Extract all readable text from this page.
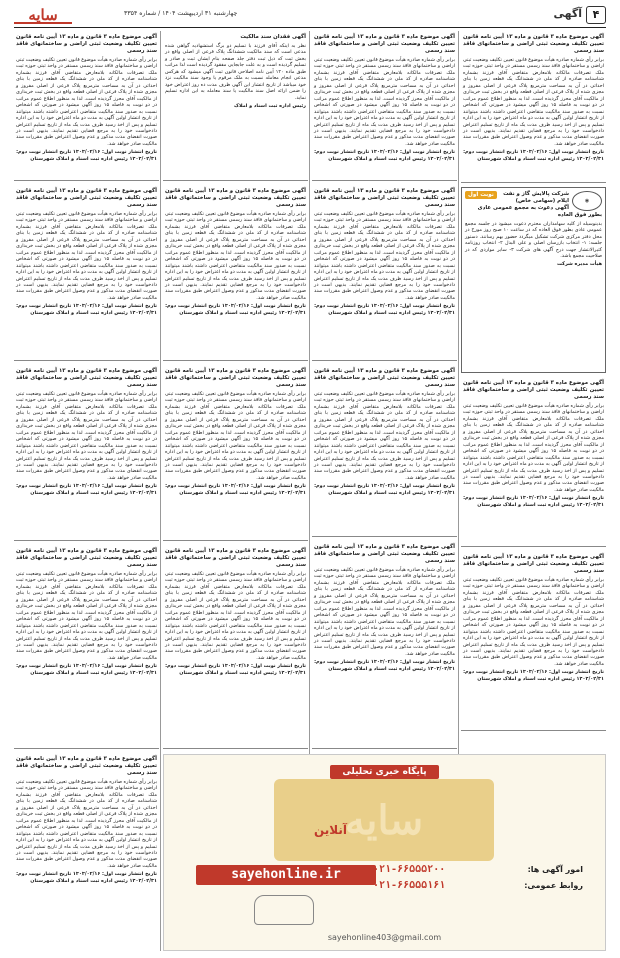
سایه	چهارشنبه ۳۱ اردیبهشت ۱۴۰۴ / شماره ۳۳۵۴	آگهی ۴
آگهی موضوع ماده ۳ قانون و ماده ۱۳ آیین نامه قانون تعیین تکلیف وضعیت ثبتی اراضی و ساختمانهای فاقد سند رسمی
برابر رأی شماره صادره هیأت موضوع قانون تعیین تکلیف وضعیت ثبتی اراضی و ساختمانهای فاقد سند رسمی مستقر در واحد ثبتی حوزه ثبت ملک تصرفات مالکانه بلامعارض متقاضی آقای فرزند بشماره شناسنامه صادره از کد ملی در ششدانگ یک قطعه زمین با بنای احداثی در آن به مساحت مترمربع پلاک فرعی از اصلی مفروز و مجزی شده از پلاک فرعی از اصلی قطعه واقع در بخش ثبت خریداری از مالکیت آقای محرز گردیده است. لذا به منظور اطلاع عموم مراتب در دو نوبت به فاصله ۱۵ روز آگهی میشود در صورتی که اشخاص نسبت به صدور سند مالکیت متقاضی اعتراضی داشته باشند میتوانند از تاریخ انتشار اولین آگهی به مدت دو ماه اعتراض خود را به این اداره تسلیم و پس از اخذ رسید ظرف مدت یک ماه از تاریخ تسلیم اعتراض دادخواست خود را به مرجع قضایی تقدیم نمایند. بدیهی است در صورت انقضای مدت مذکور و عدم وصول اعتراض طبق مقررات سند مالکیت صادر خواهد شد.
تاریخ انتشار نوبت اول: ۱۴۰۴/۰۲/۱۶ تاریخ انتشار نوبت دوم: ۱۴۰۴/۰۲/۳۱ رئیس اداره ثبت اسناد و املاک شهرستان
نوبت اول
◉
شرکت پالایش گاز و نفت ایلام (سهامی خاص)
آگهی دعوت به مجمع عمومی عادی بطور فوق العاده
بدینوسیله از کلیه سهامداران محترم دعوت میشود در جلسه مجمع عمومی عادی بطور فوق العاده که در ساعت ۱۰ صبح روز مورخ در محل دفتر مرکزی شرکت تشکیل میگردد حضور بهم رسانند. دستور جلسه: ۱- انتخاب بازرسان اصلی و علی البدل ۲- انتخاب روزنامه کثیرالانتشار جهت درج آگهی های شرکت ۳- سایر مواردی که در صلاحیت مجمع باشد.
هیأت مدیره شرکت
آگهی موضوع ماده ۳ قانون و ماده ۱۳ آیین نامه قانون تعیین تکلیف وضعیت ثبتی اراضی و ساختمانهای فاقد سند رسمی
برابر رأی شماره صادره هیأت موضوع قانون تعیین تکلیف وضعیت ثبتی اراضی و ساختمانهای فاقد سند رسمی مستقر در واحد ثبتی حوزه ثبت ملک تصرفات مالکانه بلامعارض متقاضی آقای فرزند بشماره شناسنامه صادره از کد ملی در ششدانگ یک قطعه زمین با بنای احداثی در آن به مساحت مترمربع پلاک فرعی از اصلی مفروز و مجزی شده از پلاک فرعی از اصلی قطعه واقع در بخش ثبت خریداری از مالکیت آقای محرز گردیده است. لذا به منظور اطلاع عموم مراتب در دو نوبت به فاصله ۱۵ روز آگهی میشود در صورتی که اشخاص نسبت به صدور سند مالکیت متقاضی اعتراضی داشته باشند میتوانند از تاریخ انتشار اولین آگهی به مدت دو ماه اعتراض خود را به این اداره تسلیم و پس از اخذ رسید ظرف مدت یک ماه از تاریخ تسلیم اعتراض دادخواست خود را به مرجع قضایی تقدیم نمایند. بدیهی است در صورت انقضای مدت مذکور و عدم وصول اعتراض طبق مقررات سند مالکیت صادر خواهد شد.
تاریخ انتشار نوبت اول: ۱۴۰۴/۰۲/۱۶ تاریخ انتشار نوبت دوم: ۱۴۰۴/۰۲/۳۱ رئیس اداره ثبت اسناد و املاک شهرستان
آگهی موضوع ماده ۳ قانون و ماده ۱۳ آیین نامه قانون تعیین تکلیف وضعیت ثبتی اراضی و ساختمانهای فاقد سند رسمی
برابر رأی شماره صادره هیأت موضوع قانون تعیین تکلیف وضعیت ثبتی اراضی و ساختمانهای فاقد سند رسمی مستقر در واحد ثبتی حوزه ثبت ملک تصرفات مالکانه بلامعارض متقاضی آقای فرزند بشماره شناسنامه صادره از کد ملی در ششدانگ یک قطعه زمین با بنای احداثی در آن به مساحت مترمربع پلاک فرعی از اصلی مفروز و مجزی شده از پلاک فرعی از اصلی قطعه واقع در بخش ثبت خریداری از مالکیت آقای محرز گردیده است. لذا به منظور اطلاع عموم مراتب در دو نوبت به فاصله ۱۵ روز آگهی میشود در صورتی که اشخاص نسبت به صدور سند مالکیت متقاضی اعتراضی داشته باشند میتوانند از تاریخ انتشار اولین آگهی به مدت دو ماه اعتراض خود را به این اداره تسلیم و پس از اخذ رسید ظرف مدت یک ماه از تاریخ تسلیم اعتراض دادخواست خود را به مرجع قضایی تقدیم نمایند. بدیهی است در صورت انقضای مدت مذکور و عدم وصول اعتراض طبق مقررات سند مالکیت صادر خواهد شد.
تاریخ انتشار نوبت اول: ۱۴۰۴/۰۲/۱۶ تاریخ انتشار نوبت دوم: ۱۴۰۴/۰۲/۳۱ رئیس اداره ثبت اسناد و املاک شهرستان
آگهی موضوع ماده ۳ قانون و ماده ۱۳ آیین نامه قانون تعیین تکلیف وضعیت ثبتی اراضی و ساختمانهای فاقد سند رسمی
برابر رأی شماره صادره هیأت موضوع قانون تعیین تکلیف وضعیت ثبتی اراضی و ساختمانهای فاقد سند رسمی مستقر در واحد ثبتی حوزه ثبت ملک تصرفات مالکانه بلامعارض متقاضی آقای فرزند بشماره شناسنامه صادره از کد ملی در ششدانگ یک قطعه زمین با بنای احداثی در آن به مساحت مترمربع پلاک فرعی از اصلی مفروز و مجزی شده از پلاک فرعی از اصلی قطعه واقع در بخش ثبت خریداری از مالکیت آقای محرز گردیده است. لذا به منظور اطلاع عموم مراتب در دو نوبت به فاصله ۱۵ روز آگهی میشود در صورتی که اشخاص نسبت به صدور سند مالکیت متقاضی اعتراضی داشته باشند میتوانند از تاریخ انتشار اولین آگهی به مدت دو ماه اعتراض خود را به این اداره تسلیم و پس از اخذ رسید ظرف مدت یک ماه از تاریخ تسلیم اعتراض دادخواست خود را به مرجع قضایی تقدیم نمایند. بدیهی است در صورت انقضای مدت مذکور و عدم وصول اعتراض طبق مقررات سند مالکیت صادر خواهد شد.
تاریخ انتشار نوبت اول: ۱۴۰۴/۰۲/۱۶ تاریخ انتشار نوبت دوم: ۱۴۰۴/۰۲/۳۱ رئیس اداره ثبت اسناد و املاک شهرستان
آگهی موضوع ماده ۳ قانون و ماده ۱۳ آیین نامه قانون تعیین تکلیف وضعیت ثبتی اراضی و ساختمانهای فاقد سند رسمی
برابر رأی شماره صادره هیأت موضوع قانون تعیین تکلیف وضعیت ثبتی اراضی و ساختمانهای فاقد سند رسمی مستقر در واحد ثبتی حوزه ثبت ملک تصرفات مالکانه بلامعارض متقاضی آقای فرزند بشماره شناسنامه صادره از کد ملی در ششدانگ یک قطعه زمین با بنای احداثی در آن به مساحت مترمربع پلاک فرعی از اصلی مفروز و مجزی شده از پلاک فرعی از اصلی قطعه واقع در بخش ثبت خریداری از مالکیت آقای محرز گردیده است. لذا به منظور اطلاع عموم مراتب در دو نوبت به فاصله ۱۵ روز آگهی میشود در صورتی که اشخاص نسبت به صدور سند مالکیت متقاضی اعتراضی داشته باشند میتوانند از تاریخ انتشار اولین آگهی به مدت دو ماه اعتراض خود را به این اداره تسلیم و پس از اخذ رسید ظرف مدت یک ماه از تاریخ تسلیم اعتراض دادخواست خود را به مرجع قضایی تقدیم نمایند. بدیهی است در صورت انقضای مدت مذکور و عدم وصول اعتراض طبق مقررات سند مالکیت صادر خواهد شد.
تاریخ انتشار نوبت اول: ۱۴۰۴/۰۲/۱۶ تاریخ انتشار نوبت دوم: ۱۴۰۴/۰۲/۳۱ رئیس اداره ثبت اسناد و املاک شهرستان
آگهی موضوع ماده ۳ قانون و ماده ۱۳ آیین نامه قانون تعیین تکلیف وضعیت ثبتی اراضی و ساختمانهای فاقد سند رسمی
برابر رأی شماره صادره هیأت موضوع قانون تعیین تکلیف وضعیت ثبتی اراضی و ساختمانهای فاقد سند رسمی مستقر در واحد ثبتی حوزه ثبت ملک تصرفات مالکانه بلامعارض متقاضی آقای فرزند بشماره شناسنامه صادره از کد ملی در ششدانگ یک قطعه زمین با بنای احداثی در آن به مساحت مترمربع پلاک فرعی از اصلی مفروز و مجزی شده از پلاک فرعی از اصلی قطعه واقع در بخش ثبت خریداری از مالکیت آقای محرز گردیده است. لذا به منظور اطلاع عموم مراتب در دو نوبت به فاصله ۱۵ روز آگهی میشود در صورتی که اشخاص نسبت به صدور سند مالکیت متقاضی اعتراضی داشته باشند میتوانند از تاریخ انتشار اولین آگهی به مدت دو ماه اعتراض خود را به این اداره تسلیم و پس از اخذ رسید ظرف مدت یک ماه از تاریخ تسلیم اعتراض دادخواست خود را به مرجع قضایی تقدیم نمایند. بدیهی است در صورت انقضای مدت مذکور و عدم وصول اعتراض طبق مقررات سند مالکیت صادر خواهد شد.
تاریخ انتشار نوبت اول: ۱۴۰۴/۰۲/۱۶ تاریخ انتشار نوبت دوم: ۱۴۰۴/۰۲/۳۱ رئیس اداره ثبت اسناد و املاک شهرستان
آگهی موضوع ماده ۳ قانون و ماده ۱۳ آیین نامه قانون تعیین تکلیف وضعیت ثبتی اراضی و ساختمانهای فاقد سند رسمی
برابر رأی شماره صادره هیأت موضوع قانون تعیین تکلیف وضعیت ثبتی اراضی و ساختمانهای فاقد سند رسمی مستقر در واحد ثبتی حوزه ثبت ملک تصرفات مالکانه بلامعارض متقاضی آقای فرزند بشماره شناسنامه صادره از کد ملی در ششدانگ یک قطعه زمین با بنای احداثی در آن به مساحت مترمربع پلاک فرعی از اصلی مفروز و مجزی شده از پلاک فرعی از اصلی قطعه واقع در بخش ثبت خریداری از مالکیت آقای محرز گردیده است. لذا به منظور اطلاع عموم مراتب در دو نوبت به فاصله ۱۵ روز آگهی میشود در صورتی که اشخاص نسبت به صدور سند مالکیت متقاضی اعتراضی داشته باشند میتوانند از تاریخ انتشار اولین آگهی به مدت دو ماه اعتراض خود را به این اداره تسلیم و پس از اخذ رسید ظرف مدت یک ماه از تاریخ تسلیم اعتراض دادخواست خود را به مرجع قضایی تقدیم نمایند. بدیهی است در صورت انقضای مدت مذکور و عدم وصول اعتراض طبق مقررات سند مالکیت صادر خواهد شد.
تاریخ انتشار نوبت اول: ۱۴۰۴/۰۲/۱۶ تاریخ انتشار نوبت دوم: ۱۴۰۴/۰۲/۳۱ رئیس اداره ثبت اسناد و املاک شهرستان
آگهی فقدان سند مالکیت
نظر به اینکه آقای فرزند با تسلیم دو برگ استشهادیه گواهی شده مدعی است که سند مالکیت ششدانگ پلاک فرعی از اصلی واقع در بخش ثبت که ذیل ثبت دفتر جلد صفحه بنام ایشان ثبت و صادر و تسلیم گردیده است و به علت جابجایی مفقود گردیده است لذا مراتب طبق ماده ۱۲۰ آیین نامه اصلاحی قانون ثبت آگهی میشود که هرکس مدعی انجام معامله نسبت به ملک مرقوم یا وجود سند مالکیت نزد خود میباشد از تاریخ انتشار این آگهی ظرف مدت ده روز اعتراض خود را ضمن ارائه اصل سند مالکیت یا سند معامله به این اداره تسلیم نماید.
رئیس اداره ثبت اسناد و املاک
آگهی موضوع ماده ۳ قانون و ماده ۱۳ آیین نامه قانون تعیین تکلیف وضعیت ثبتی اراضی و ساختمانهای فاقد سند رسمی
برابر رأی شماره صادره هیأت موضوع قانون تعیین تکلیف وضعیت ثبتی اراضی و ساختمانهای فاقد سند رسمی مستقر در واحد ثبتی حوزه ثبت ملک تصرفات مالکانه بلامعارض متقاضی آقای فرزند بشماره شناسنامه صادره از کد ملی در ششدانگ یک قطعه زمین با بنای احداثی در آن به مساحت مترمربع پلاک فرعی از اصلی مفروز و مجزی شده از پلاک فرعی از اصلی قطعه واقع در بخش ثبت خریداری از مالکیت آقای محرز گردیده است. لذا به منظور اطلاع عموم مراتب در دو نوبت به فاصله ۱۵ روز آگهی میشود در صورتی که اشخاص نسبت به صدور سند مالکیت متقاضی اعتراضی داشته باشند میتوانند از تاریخ انتشار اولین آگهی به مدت دو ماه اعتراض خود را به این اداره تسلیم و پس از اخذ رسید ظرف مدت یک ماه از تاریخ تسلیم اعتراض دادخواست خود را به مرجع قضایی تقدیم نمایند. بدیهی است در صورت انقضای مدت مذکور و عدم وصول اعتراض طبق مقررات سند مالکیت صادر خواهد شد.
تاریخ انتشار نوبت اول: ۱۴۰۴/۰۲/۱۶ تاریخ انتشار نوبت دوم: ۱۴۰۴/۰۲/۳۱ رئیس اداره ثبت اسناد و املاک شهرستان
آگهی موضوع ماده ۳ قانون و ماده ۱۳ آیین نامه قانون تعیین تکلیف وضعیت ثبتی اراضی و ساختمانهای فاقد سند رسمی
برابر رأی شماره صادره هیأت موضوع قانون تعیین تکلیف وضعیت ثبتی اراضی و ساختمانهای فاقد سند رسمی مستقر در واحد ثبتی حوزه ثبت ملک تصرفات مالکانه بلامعارض متقاضی آقای فرزند بشماره شناسنامه صادره از کد ملی در ششدانگ یک قطعه زمین با بنای احداثی در آن به مساحت مترمربع پلاک فرعی از اصلی مفروز و مجزی شده از پلاک فرعی از اصلی قطعه واقع در بخش ثبت خریداری از مالکیت آقای محرز گردیده است. لذا به منظور اطلاع عموم مراتب در دو نوبت به فاصله ۱۵ روز آگهی میشود در صورتی که اشخاص نسبت به صدور سند مالکیت متقاضی اعتراضی داشته باشند میتوانند از تاریخ انتشار اولین آگهی به مدت دو ماه اعتراض خود را به این اداره تسلیم و پس از اخذ رسید ظرف مدت یک ماه از تاریخ تسلیم اعتراض دادخواست خود را به مرجع قضایی تقدیم نمایند. بدیهی است در صورت انقضای مدت مذکور و عدم وصول اعتراض طبق مقررات سند مالکیت صادر خواهد شد.
تاریخ انتشار نوبت اول: ۱۴۰۴/۰۲/۱۶ تاریخ انتشار نوبت دوم: ۱۴۰۴/۰۲/۳۱ رئیس اداره ثبت اسناد و املاک شهرستان
آگهی موضوع ماده ۳ قانون و ماده ۱۳ آیین نامه قانون تعیین تکلیف وضعیت ثبتی اراضی و ساختمانهای فاقد سند رسمی
برابر رأی شماره صادره هیأت موضوع قانون تعیین تکلیف وضعیت ثبتی اراضی و ساختمانهای فاقد سند رسمی مستقر در واحد ثبتی حوزه ثبت ملک تصرفات مالکانه بلامعارض متقاضی آقای فرزند بشماره شناسنامه صادره از کد ملی در ششدانگ یک قطعه زمین با بنای احداثی در آن به مساحت مترمربع پلاک فرعی از اصلی مفروز و مجزی شده از پلاک فرعی از اصلی قطعه واقع در بخش ثبت خریداری از مالکیت آقای محرز گردیده است. لذا به منظور اطلاع عموم مراتب در دو نوبت به فاصله ۱۵ روز آگهی میشود در صورتی که اشخاص نسبت به صدور سند مالکیت متقاضی اعتراضی داشته باشند میتوانند از تاریخ انتشار اولین آگهی به مدت دو ماه اعتراض خود را به این اداره تسلیم و پس از اخذ رسید ظرف مدت یک ماه از تاریخ تسلیم اعتراض دادخواست خود را به مرجع قضایی تقدیم نمایند. بدیهی است در صورت انقضای مدت مذکور و عدم وصول اعتراض طبق مقررات سند مالکیت صادر خواهد شد.
تاریخ انتشار نوبت اول: ۱۴۰۴/۰۲/۱۶ تاریخ انتشار نوبت دوم: ۱۴۰۴/۰۲/۳۱ رئیس اداره ثبت اسناد و املاک شهرستان
آگهی موضوع ماده ۳ قانون و ماده ۱۳ آیین نامه قانون تعیین تکلیف وضعیت ثبتی اراضی و ساختمانهای فاقد سند رسمی
برابر رأی شماره صادره هیأت موضوع قانون تعیین تکلیف وضعیت ثبتی اراضی و ساختمانهای فاقد سند رسمی مستقر در واحد ثبتی حوزه ثبت ملک تصرفات مالکانه بلامعارض متقاضی آقای فرزند بشماره شناسنامه صادره از کد ملی در ششدانگ یک قطعه زمین با بنای احداثی در آن به مساحت مترمربع پلاک فرعی از اصلی مفروز و مجزی شده از پلاک فرعی از اصلی قطعه واقع در بخش ثبت خریداری از مالکیت آقای محرز گردیده است. لذا به منظور اطلاع عموم مراتب در دو نوبت به فاصله ۱۵ روز آگهی میشود در صورتی که اشخاص نسبت به صدور سند مالکیت متقاضی اعتراضی داشته باشند میتوانند از تاریخ انتشار اولین آگهی به مدت دو ماه اعتراض خود را به این اداره تسلیم و پس از اخذ رسید ظرف مدت یک ماه از تاریخ تسلیم اعتراض دادخواست خود را به مرجع قضایی تقدیم نمایند. بدیهی است در صورت انقضای مدت مذکور و عدم وصول اعتراض طبق مقررات سند مالکیت صادر خواهد شد.
تاریخ انتشار نوبت اول: ۱۴۰۴/۰۲/۱۶ تاریخ انتشار نوبت دوم: ۱۴۰۴/۰۲/۳۱ رئیس اداره ثبت اسناد و املاک شهرستان
آگهی موضوع ماده ۳ قانون و ماده ۱۳ آیین نامه قانون تعیین تکلیف وضعیت ثبتی اراضی و ساختمانهای فاقد سند رسمی
برابر رأی شماره صادره هیأت موضوع قانون تعیین تکلیف وضعیت ثبتی اراضی و ساختمانهای فاقد سند رسمی مستقر در واحد ثبتی حوزه ثبت ملک تصرفات مالکانه بلامعارض متقاضی آقای فرزند بشماره شناسنامه صادره از کد ملی در ششدانگ یک قطعه زمین با بنای احداثی در آن به مساحت مترمربع پلاک فرعی از اصلی مفروز و مجزی شده از پلاک فرعی از اصلی قطعه واقع در بخش ثبت خریداری از مالکیت آقای محرز گردیده است. لذا به منظور اطلاع عموم مراتب در دو نوبت به فاصله ۱۵ روز آگهی میشود در صورتی که اشخاص نسبت به صدور سند مالکیت متقاضی اعتراضی داشته باشند میتوانند از تاریخ انتشار اولین آگهی به مدت دو ماه اعتراض خود را به این اداره تسلیم و پس از اخذ رسید ظرف مدت یک ماه از تاریخ تسلیم اعتراض دادخواست خود را به مرجع قضایی تقدیم نمایند. بدیهی است در صورت انقضای مدت مذکور و عدم وصول اعتراض طبق مقررات سند مالکیت صادر خواهد شد.
تاریخ انتشار نوبت اول: ۱۴۰۴/۰۲/۱۶ تاریخ انتشار نوبت دوم: ۱۴۰۴/۰۲/۳۱ رئیس اداره ثبت اسناد و املاک شهرستان
آگهی موضوع ماده ۳ قانون و ماده ۱۳ آیین نامه قانون تعیین تکلیف وضعیت ثبتی اراضی و ساختمانهای فاقد سند رسمی
برابر رأی شماره صادره هیأت موضوع قانون تعیین تکلیف وضعیت ثبتی اراضی و ساختمانهای فاقد سند رسمی مستقر در واحد ثبتی حوزه ثبت ملک تصرفات مالکانه بلامعارض متقاضی آقای فرزند بشماره شناسنامه صادره از کد ملی در ششدانگ یک قطعه زمین با بنای احداثی در آن به مساحت مترمربع پلاک فرعی از اصلی مفروز و مجزی شده از پلاک فرعی از اصلی قطعه واقع در بخش ثبت خریداری از مالکیت آقای محرز گردیده است. لذا به منظور اطلاع عموم مراتب در دو نوبت به فاصله ۱۵ روز آگهی میشود در صورتی که اشخاص نسبت به صدور سند مالکیت متقاضی اعتراضی داشته باشند میتوانند از تاریخ انتشار اولین آگهی به مدت دو ماه اعتراض خود را به این اداره تسلیم و پس از اخذ رسید ظرف مدت یک ماه از تاریخ تسلیم اعتراض دادخواست خود را به مرجع قضایی تقدیم نمایند. بدیهی است در صورت انقضای مدت مذکور و عدم وصول اعتراض طبق مقررات سند مالکیت صادر خواهد شد.
تاریخ انتشار نوبت اول: ۱۴۰۴/۰۲/۱۶ تاریخ انتشار نوبت دوم: ۱۴۰۴/۰۲/۳۱ رئیس اداره ثبت اسناد و املاک شهرستان
آگهی موضوع ماده ۳ قانون و ماده ۱۳ آیین نامه قانون تعیین تکلیف وضعیت ثبتی اراضی و ساختمانهای فاقد سند رسمی
برابر رأی شماره صادره هیأت موضوع قانون تعیین تکلیف وضعیت ثبتی اراضی و ساختمانهای فاقد سند رسمی مستقر در واحد ثبتی حوزه ثبت ملک تصرفات مالکانه بلامعارض متقاضی آقای فرزند بشماره شناسنامه صادره از کد ملی در ششدانگ یک قطعه زمین با بنای احداثی در آن به مساحت مترمربع پلاک فرعی از اصلی مفروز و مجزی شده از پلاک فرعی از اصلی قطعه واقع در بخش ثبت خریداری از مالکیت آقای محرز گردیده است. لذا به منظور اطلاع عموم مراتب در دو نوبت به فاصله ۱۵ روز آگهی میشود در صورتی که اشخاص نسبت به صدور سند مالکیت متقاضی اعتراضی داشته باشند میتوانند از تاریخ انتشار اولین آگهی به مدت دو ماه اعتراض خود را به این اداره تسلیم و پس از اخذ رسید ظرف مدت یک ماه از تاریخ تسلیم اعتراض دادخواست خود را به مرجع قضایی تقدیم نمایند. بدیهی است در صورت انقضای مدت مذکور و عدم وصول اعتراض طبق مقررات سند مالکیت صادر خواهد شد.
تاریخ انتشار نوبت اول: ۱۴۰۴/۰۲/۱۶ تاریخ انتشار نوبت دوم: ۱۴۰۴/۰۲/۳۱ رئیس اداره ثبت اسناد و املاک شهرستان
آگهی موضوع ماده ۳ قانون و ماده ۱۳ آیین نامه قانون تعیین تکلیف وضعیت ثبتی اراضی و ساختمانهای فاقد سند رسمی
برابر رأی شماره صادره هیأت موضوع قانون تعیین تکلیف وضعیت ثبتی اراضی و ساختمانهای فاقد سند رسمی مستقر در واحد ثبتی حوزه ثبت ملک تصرفات مالکانه بلامعارض متقاضی آقای فرزند بشماره شناسنامه صادره از کد ملی در ششدانگ یک قطعه زمین با بنای احداثی در آن به مساحت مترمربع پلاک فرعی از اصلی مفروز و مجزی شده از پلاک فرعی از اصلی قطعه واقع در بخش ثبت خریداری از مالکیت آقای محرز گردیده است. لذا به منظور اطلاع عموم مراتب در دو نوبت به فاصله ۱۵ روز آگهی میشود در صورتی که اشخاص نسبت به صدور سند مالکیت متقاضی اعتراضی داشته باشند میتوانند از تاریخ انتشار اولین آگهی به مدت دو ماه اعتراض خود را به این اداره تسلیم و پس از اخذ رسید ظرف مدت یک ماه از تاریخ تسلیم اعتراض دادخواست خود را به مرجع قضایی تقدیم نمایند. بدیهی است در صورت انقضای مدت مذکور و عدم وصول اعتراض طبق مقررات سند مالکیت صادر خواهد شد.
تاریخ انتشار نوبت اول: ۱۴۰۴/۰۲/۱۶ تاریخ انتشار نوبت دوم: ۱۴۰۴/۰۲/۳۱ رئیس اداره ثبت اسناد و املاک شهرستان
پایگاه خبری تحلیلی
سایه
آنلاین
sayehonline.ir	امور آگهی ها:
۰۲۱-۶۶۵۵۵۲۰۰
روابط عمومی:
۰۲۱-۶۶۵۵۵۱۶۱
sayehonline403@gmail.com
